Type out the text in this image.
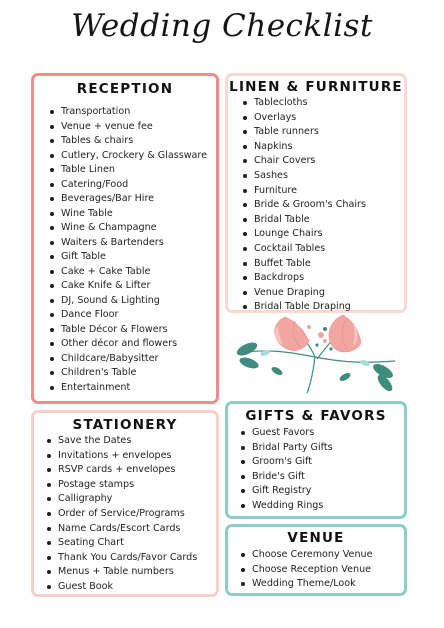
Wedding Checklist
RECEPTION
Transportation
Venue + venue fee
Tables & chairs
Cutlery, Crockery & Glassware
Table Linen
Catering/Food
Beverages/Bar Hire
Wine Table
Wine & Champagne
Waiters & Bartenders
Gift Table
Cake + Cake Table
Cake Knife & Lifter
DJ, Sound & Lighting
Dance Floor
Table Décor & Flowers
Other décor and flowers
Childcare/Babysitter
Children's Table
Entertainment
LINEN & FURNITURE
Tablecloths
Overlays
Table runners
Napkins
Chair Covers
Sashes
Furniture
Bride & Groom's Chairs
Bridal Table
Lounge Chairs
Cocktail Tables
Buffet Table
Backdrops
Venue Draping
Bridal Table Draping
STATIONERY
Save the Dates
Invitations + envelopes
RSVP cards + envelopes
Postage stamps
Calligraphy
Order of Service/Programs
Name Cards/Escort Cards
Seating Chart
Thank You Cards/Favor Cards
Menus + Table numbers
Guest Book
GIFTS & FAVORS
Guest Favors
Bridal Party Gifts
Groom's Gift
Bride's Gift
Gift Registry
Wedding Rings
VENUE
Choose Ceremony Venue
Choose Reception Venue
Wedding Theme/Look
